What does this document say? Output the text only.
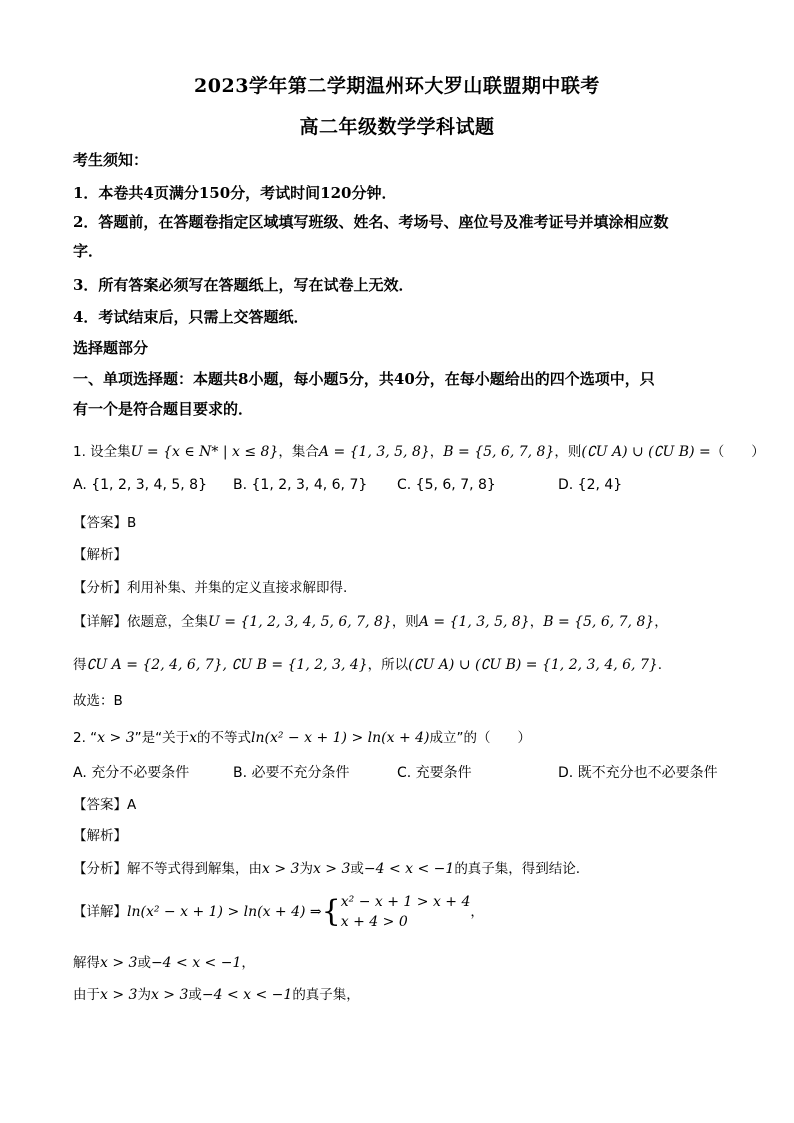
2023学年第二学期温州环大罗山联盟期中联考
高二年级数学学科试题
考生须知：
1．本卷共4页满分150分，考试时间120分钟．
2．答题前，在答题卷指定区域填写班级、姓名、考场号、座位号及准考证号并填涂相应数
字．
3．所有答案必须写在答题纸上，写在试卷上无效．
4．考试结束后，只需上交答题纸．
选择题部分
一、单项选择题：本题共8小题，每小题5分，共40分，在每小题给出的四个选项中，只
有一个是符合题目要求的．
1. 设全集U = {x ∈ N* | x ≤ 8}，集合A = {1, 3, 5, 8}，B = {5, 6, 7, 8}，则(∁U A) ∪ (∁U B) =（　　）
A. {1, 2, 3, 4, 5, 8} B. {1, 2, 3, 4, 6, 7} C. {5, 6, 7, 8}	D. {2, 4}
【答案】B
【解析】
【分析】利用补集、并集的定义直接求解即得.
【详解】依题意，全集U = {1, 2, 3, 4, 5, 6, 7, 8}，则A = {1, 3, 5, 8}，B = {5, 6, 7, 8}，
得∁U A = {2, 4, 6, 7}, ∁U B = {1, 2, 3, 4}，所以(∁U A) ∪ (∁U B) = {1, 2, 3, 4, 6, 7}.
故选：B
2. “x > 3”是“关于x的不等式ln(x² − x + 1) > ln(x + 4)成立”的（　　）
A. 充分不必要条件	B. 必要不充分条件	C. 充要条件	D. 既不充分也不必要条件
【答案】A
【解析】
【分析】解不等式得到解集，由x > 3为x > 3或−4 < x < −1的真子集，得到结论.
【详解】ln(x² − x + 1) > ln(x + 4) ⇒{ x² − x + 1 > x + 4
x + 4 > 0
，
解得x > 3或−4 < x < −1，
由于x > 3为x > 3或−4 < x < −1的真子集，
